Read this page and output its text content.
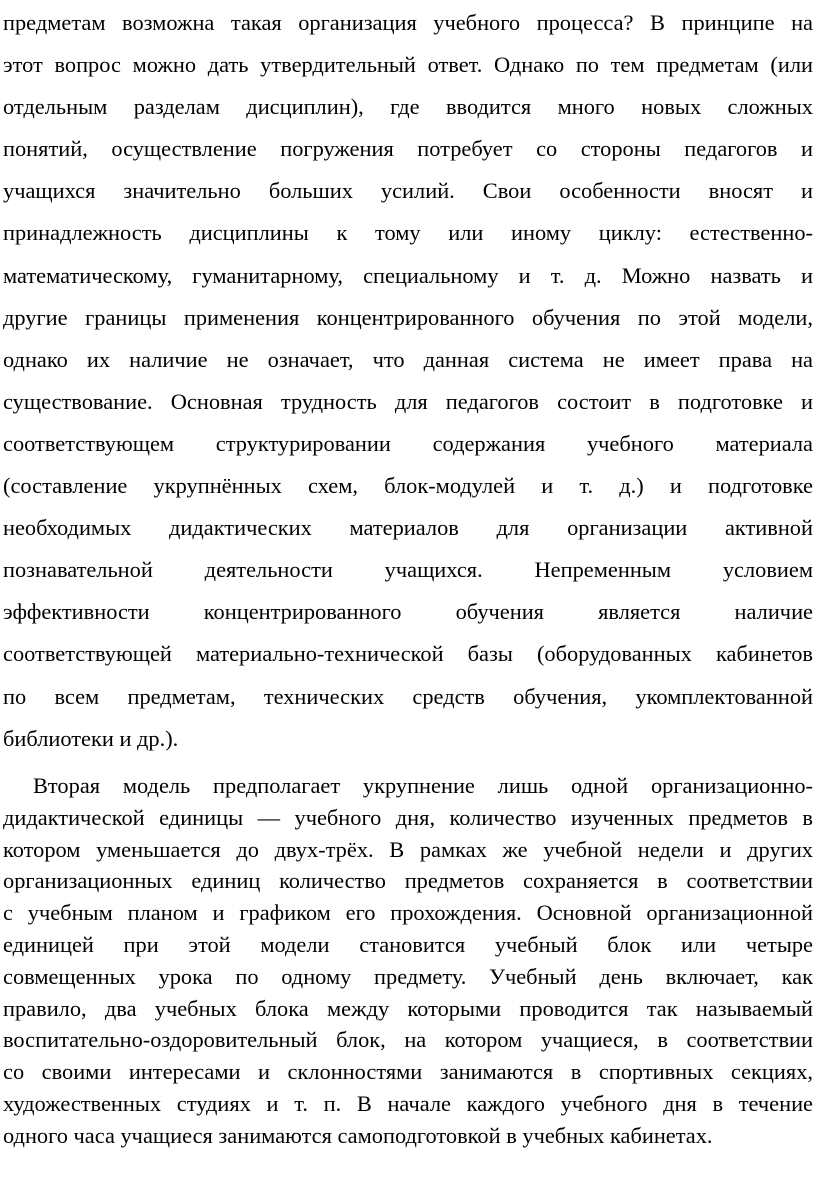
предметам возможна такая организация учебного процесса? В принципе на
этот вопрос можно дать утвердительный ответ. Однако по тем предметам (или
отдельным разделам дисциплин), где вводится много новых сложных
понятий, осуществление погружения потребует со стороны педагогов и
учащихся значительно больших усилий. Свои особенности вносят и
принадлежность дисциплины к тому или иному циклу: естественно-
математическому, гуманитарному, специальному и т. д. Можно назвать и
другие границы применения концентрированного обучения по этой модели,
однако их наличие не означает, что данная система не имеет права на
существование. Основная трудность для педагогов состоит в подготовке и
соответствующем структурировании содержания учебного материала
(составление укрупнённых схем, блок-модулей и т. д.) и подготовке
необходимых дидактических материалов для организации активной
познавательной деятельности учащихся. Непременным условием
эффективности концентрированного обучения является наличие
соответствующей материально-технической базы (оборудованных кабинетов
по всем предметам, технических средств обучения, укомплектованной
библиотеки и др.).
Вторая модель предполагает укрупнение лишь одной организационно-
дидактической единицы — учебного дня, количество изученных предметов в
котором уменьшается до двух-трёх. В рамках же учебной недели и других
организационных единиц количество предметов сохраняется в соответствии
с учебным планом и графиком его прохождения. Основной организационной
единицей при этой модели становится учебный блок или четыре
совмещенных урока по одному предмету. Учебный день включает, как
правило, два учебных блока между которыми проводится так называемый
воспитательно-оздоровительный блок, на котором учащиеся, в соответствии
со своими интересами и склонностями занимаются в спортивных секциях,
художественных студиях и т. п. В начале каждого учебного дня в течение
одного часа учащиеся занимаются самоподготовкой в учебных кабинетах.
